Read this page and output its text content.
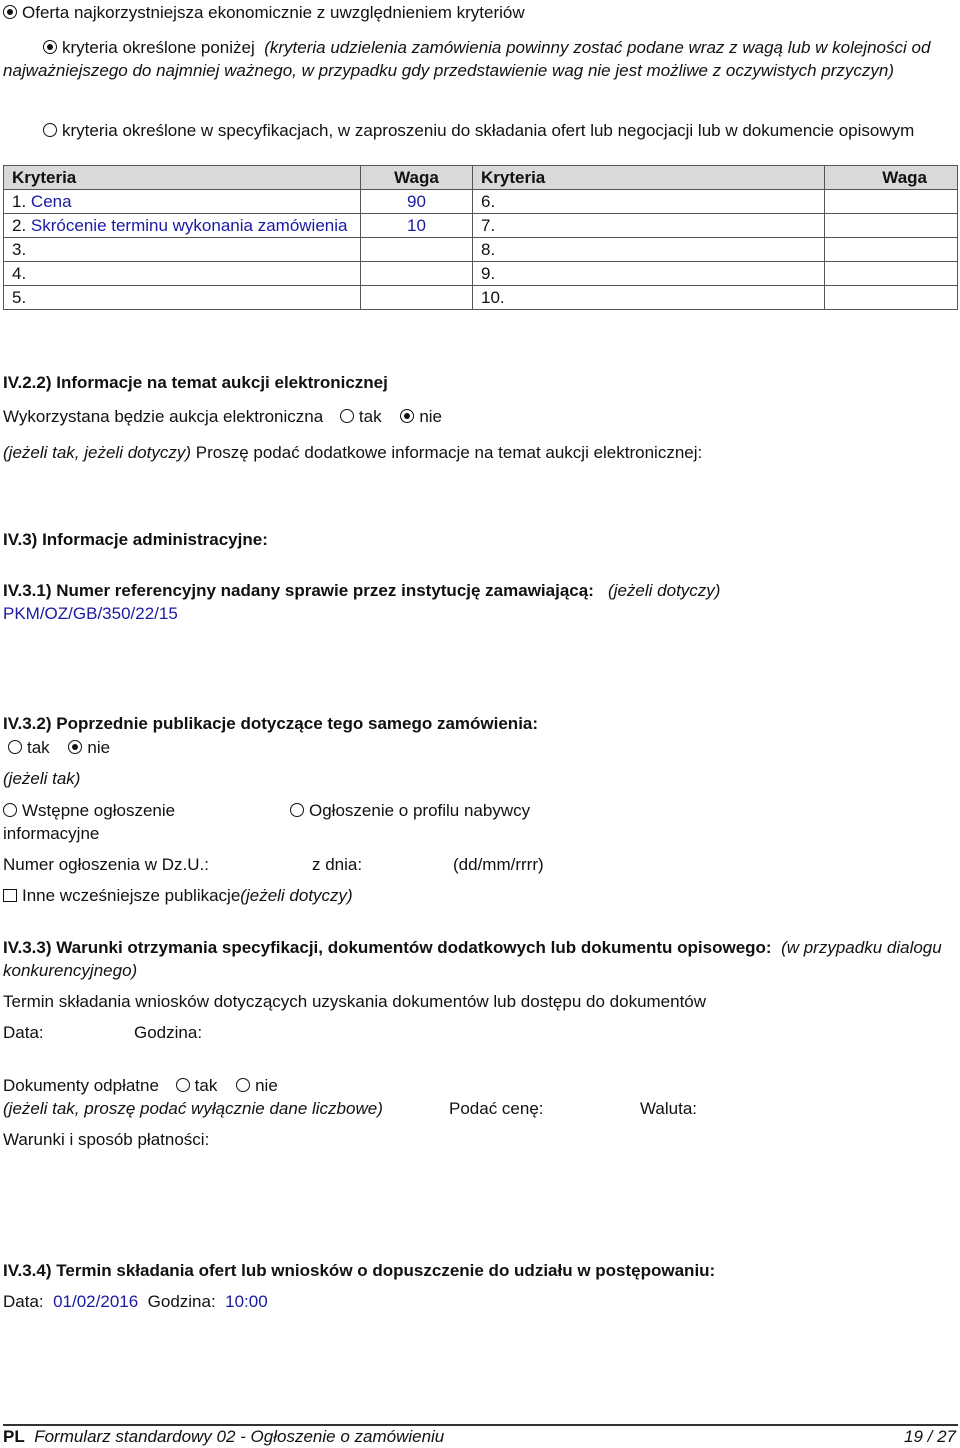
Oferta najkorzystniejsza ekonomicznie z uwzględnieniem kryteriów
kryteria określone poniżej (kryteria udzielenia zamówienia powinny zostać podane wraz z wagą lub w kolejności od najważniejszego do najmniej ważnego, w przypadku gdy przedstawienie wag nie jest możliwe z oczywistych przyczyn)
kryteria określone w specyfikacjach, w zaproszeniu do składania ofert lub negocjacji lub w dokumencie opisowym
Kryteria	Waga	Kryteria	Waga
1. Cena	90	6.	
2. Skrócenie terminu wykonania zamówienia	10	7.	
3.		8.	
4.		9.	
5.		10.	
IV.2.2) Informacje na temat aukcji elektronicznej
Wykorzystana będzie aukcja elektroniczna tak nie
(jeżeli tak, jeżeli dotyczy) Proszę podać dodatkowe informacje na temat aukcji elektronicznej:
IV.3) Informacje administracyjne:
IV.3.1) Numer referencyjny nadany sprawie przez instytucję zamawiającą: (jeżeli dotyczy)
PKM/OZ/GB/350/22/15
IV.3.2) Poprzednie publikacje dotyczące tego samego zamówienia:
tak nie
(jeżeli tak)
Wstępne ogłoszenie informacyjne
Ogłoszenie o profilu nabywcy
Numer ogłoszenia w Dz.U.:	z dnia:	(dd/mm/rrrr)
Inne wcześniejsze publikacje(jeżeli dotyczy)
IV.3.3) Warunki otrzymania specyfikacji, dokumentów dodatkowych lub dokumentu opisowego: (w przypadku dialogu konkurencyjnego)
Termin składania wniosków dotyczących uzyskania dokumentów lub dostępu do dokumentów
Data:	Godzina:
Dokumenty odpłatne tak nie
(jeżeli tak, proszę podać wyłącznie dane liczbowe)	Podać cenę:	Waluta:
Warunki i sposób płatności:
IV.3.4) Termin składania ofert lub wniosków o dopuszczenie do udziału w postępowaniu:
Data: 01/02/2016 Godzina: 10:00
PL Formularz standardowy 02 - Ogłoszenie o zamówieniu	19 / 27
